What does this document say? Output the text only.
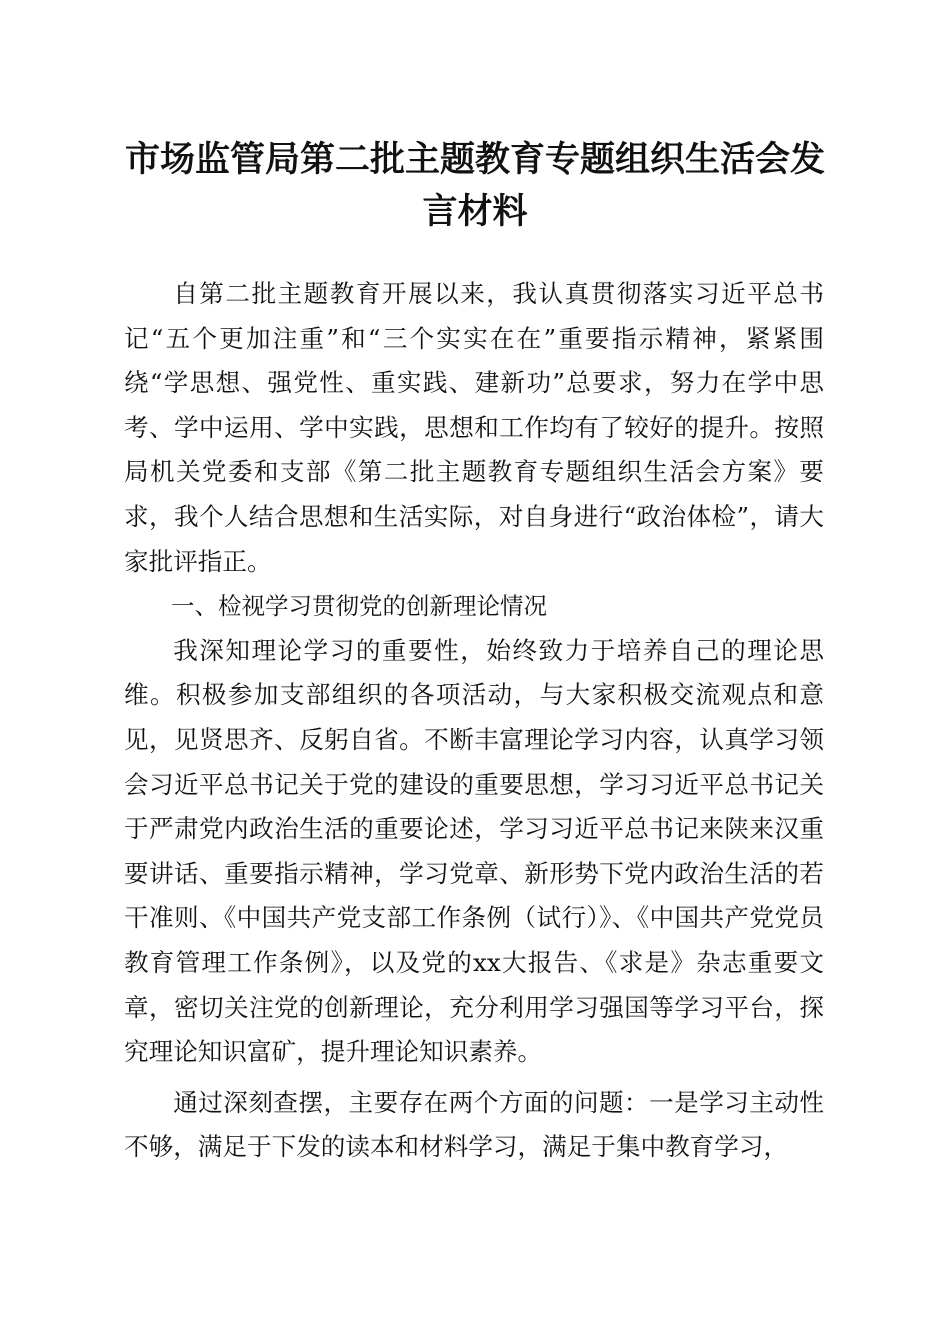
市场监管局第二批主题教育专题组织生活会发言材料

自第二批主题教育开展以来，我认真贯彻落实习近平总书记“五个更加注重”和“三个实实在在”重要指示精神，紧紧围绕“学思想、强党性、重实践、建新功”总要求，努力在学中思考、学中运用、学中实践，思想和工作均有了较好的提升。按照局机关党委和支部《第二批主题教育专题组织生活会方案》要求，我个人结合思想和生活实际，对自身进行“政治体检”，请大家批评指正。

一、检视学习贯彻党的创新理论情况

我深知理论学习的重要性，始终致力于培养自己的理论思维。积极参加支部组织的各项活动，与大家积极交流观点和意见，见贤思齐、反躬自省。不断丰富理论学习内容，认真学习领会习近平总书记关于党的建设的重要思想，学习习近平总书记关于严肃党内政治生活的重要论述，学习习近平总书记来陕来汉重要讲话、重要指示精神，学习党章、新形势下党内政治生活的若干准则、《中国共产党支部工作条例（试行）》、《中国共产党党员教育管理工作条例》，以及党的xx大报告、《求是》杂志重要文章，密切关注党的创新理论，充分利用学习强国等学习平台，探究理论知识富矿，提升理论知识素养。

通过深刻查摆，主要存在两个方面的问题：一是学习主动性不够，满足于下发的读本和材料学习，满足于集中教育学习，
